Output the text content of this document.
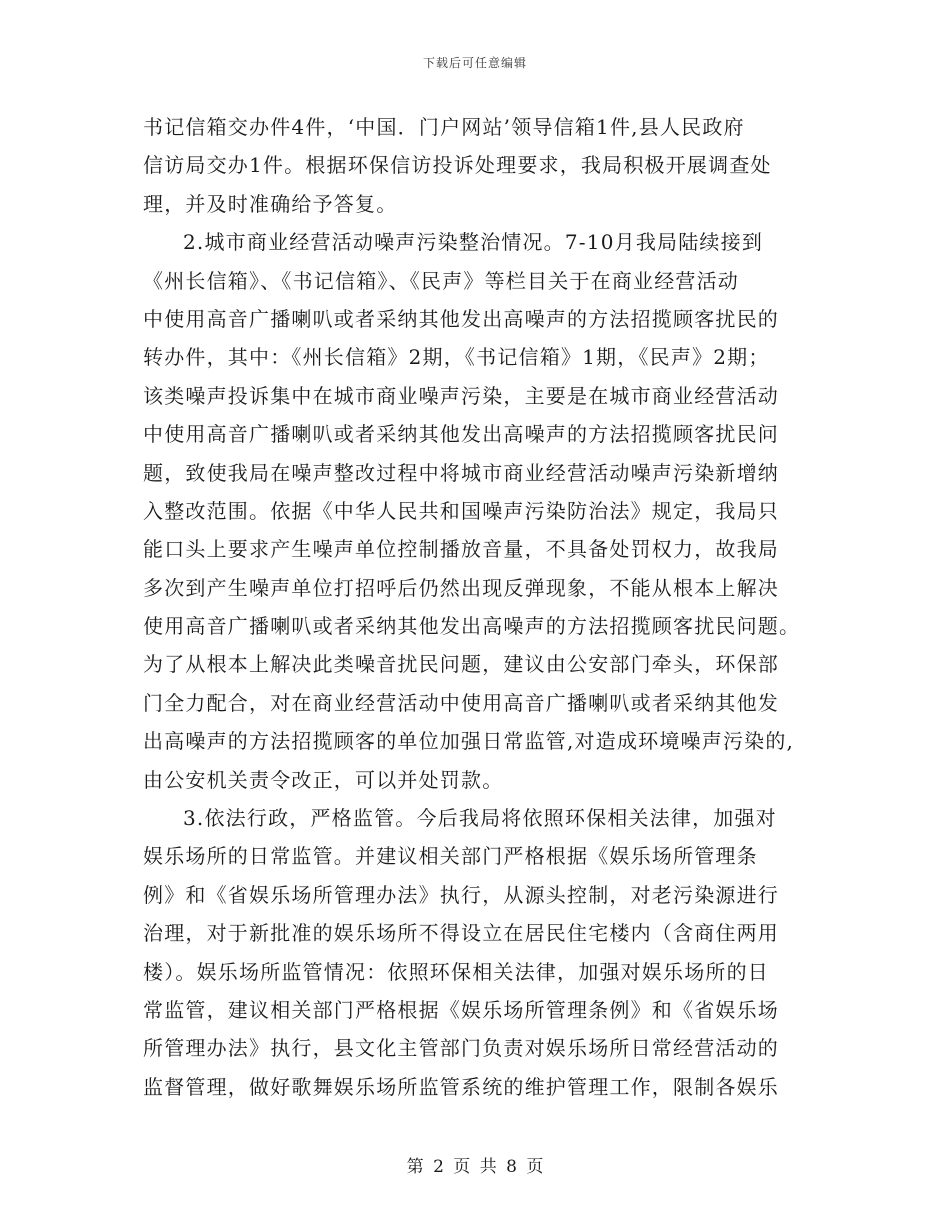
下载后可任意编辑
书记信箱交办件4件，‘中国．门户网站’领导信箱1件,县人民政府
信访局交办1件。根据环保信访投诉处理要求，我局积极开展调查处
理，并及时准确给予答复。
2.城市商业经营活动噪声污染整治情况。7-10月我局陆续接到
《州长信箱》、《书记信箱》、《民声》等栏目关于在商业经营活动
中使用高音广播喇叭或者采纳其他发出高噪声的方法招揽顾客扰民的
转办件，其中：《州长信箱》2期，《书记信箱》1期，《民声》2期；
该类噪声投诉集中在城市商业噪声污染，主要是在城市商业经营活动
中使用高音广播喇叭或者采纳其他发出高噪声的方法招揽顾客扰民问
题，致使我局在噪声整改过程中将城市商业经营活动噪声污染新增纳
入整改范围。依据《中华人民共和国噪声污染防治法》规定，我局只
能口头上要求产生噪声单位控制播放音量，不具备处罚权力，故我局
多次到产生噪声单位打招呼后仍然出现反弹现象，不能从根本上解决
使用高音广播喇叭或者采纳其他发出高噪声的方法招揽顾客扰民问题。
为了从根本上解决此类噪音扰民问题，建议由公安部门牵头，环保部
门全力配合，对在商业经营活动中使用高音广播喇叭或者采纳其他发
出高噪声的方法招揽顾客的单位加强日常监管,对造成环境噪声污染的,
由公安机关责令改正，可以并处罚款。
3.依法行政，严格监管。今后我局将依照环保相关法律，加强对
娱乐场所的日常监管。并建议相关部门严格根据《娱乐场所管理条
例》和《省娱乐场所管理办法》执行，从源头控制，对老污染源进行
治理，对于新批准的娱乐场所不得设立在居民住宅楼内（含商住两用
楼）。娱乐场所监管情况：依照环保相关法律，加强对娱乐场所的日
常监管，建议相关部门严格根据《娱乐场所管理条例》和《省娱乐场
所管理办法》执行，县文化主管部门负责对娱乐场所日常经营活动的
监督管理，做好歌舞娱乐场所监管系统的维护管理工作，限制各娱乐
第 2 页 共 8 页
